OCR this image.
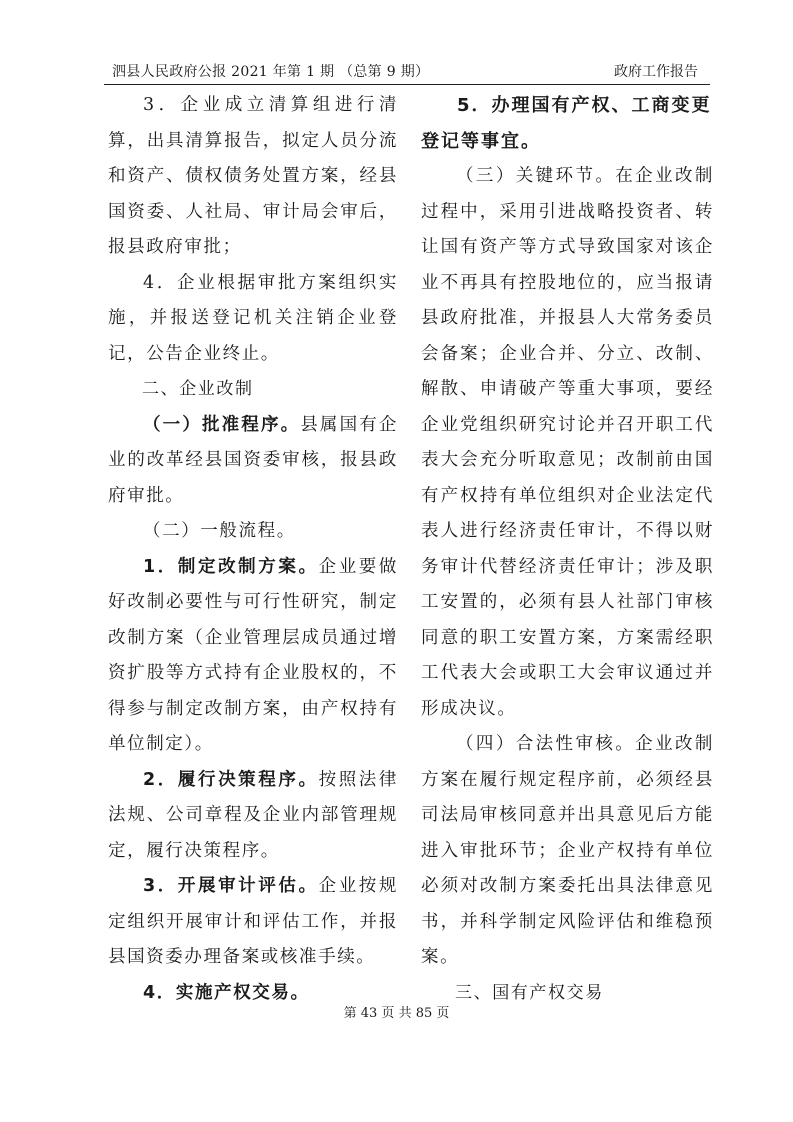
泗县人民政府公报 2021 年第 1 期 （总第 9 期）	政府工作报告

3．企业成立清算组进行清算，出具清算报告，拟定人员分流和资产、债权债务处置方案，经县国资委、人社局、审计局会审后，报县政府审批；

4．企业根据审批方案组织实施，并报送登记机关注销企业登记，公告企业终止。

二、企业改制

（一）批准程序。县属国有企业的改革经县国资委审核，报县政府审批。

（二）一般流程。

1．制定改制方案。企业要做好改制必要性与可行性研究，制定改制方案（企业管理层成员通过增资扩股等方式持有企业股权的，不得参与制定改制方案，由产权持有单位制定）。

2．履行决策程序。按照法律法规、公司章程及企业内部管理规定，履行决策程序。

3．开展审计评估。企业按规定组织开展审计和评估工作，并报县国资委办理备案或核准手续。

4．实施产权交易。

5．办理国有产权、工商变更登记等事宜。

（三）关键环节。在企业改制过程中，采用引进战略投资者、转让国有资产等方式导致国家对该企业不再具有控股地位的，应当报请县政府批准，并报县人大常务委员会备案；企业合并、分立、改制、解散、申请破产等重大事项，要经企业党组织研究讨论并召开职工代表大会充分听取意见；改制前由国有产权持有单位组织对企业法定代表人进行经济责任审计，不得以财务审计代替经济责任审计；涉及职工安置的，必须有县人社部门审核同意的职工安置方案，方案需经职工代表大会或职工大会审议通过并形成决议。

（四）合法性审核。企业改制方案在履行规定程序前，必须经县司法局审核同意并出具意见后方能进入审批环节；企业产权持有单位必须对改制方案委托出具法律意见书，并科学制定风险评估和维稳预案。

三、国有产权交易

第 43 页 共 85 页
